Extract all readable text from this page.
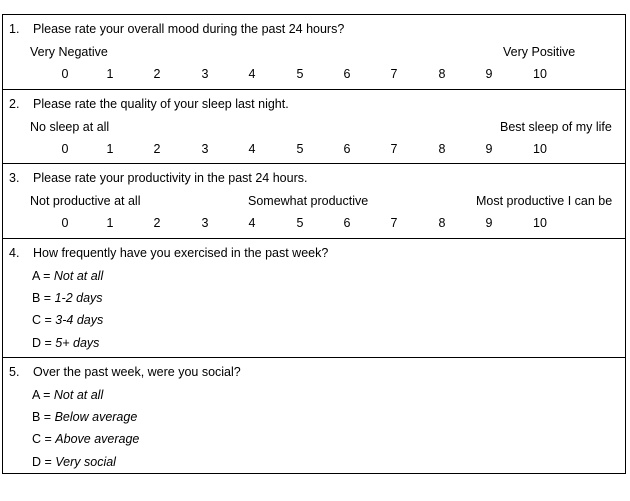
1. Please rate your overall mood during the past 24 hours?
Very Negative	Very Positive
0	1	2	3	4	5	6	7	8	9	10
2. Please rate the quality of your sleep last night.
No sleep at all	Best sleep of my life
0	1	2	3	4	5	6	7	8	9	10
3. Please rate your productivity in the past 24 hours.
Not productive at all	Somewhat productive	Most productive I can be
0	1	2	3	4	5	6	7	8	9	10
4. How frequently have you exercised in the past week?
A = Not at all
B = 1-2 days
C = 3-4 days
D = 5+ days
5. Over the past week, were you social?
A = Not at all
B = Below average
C = Above average
D = Very social
